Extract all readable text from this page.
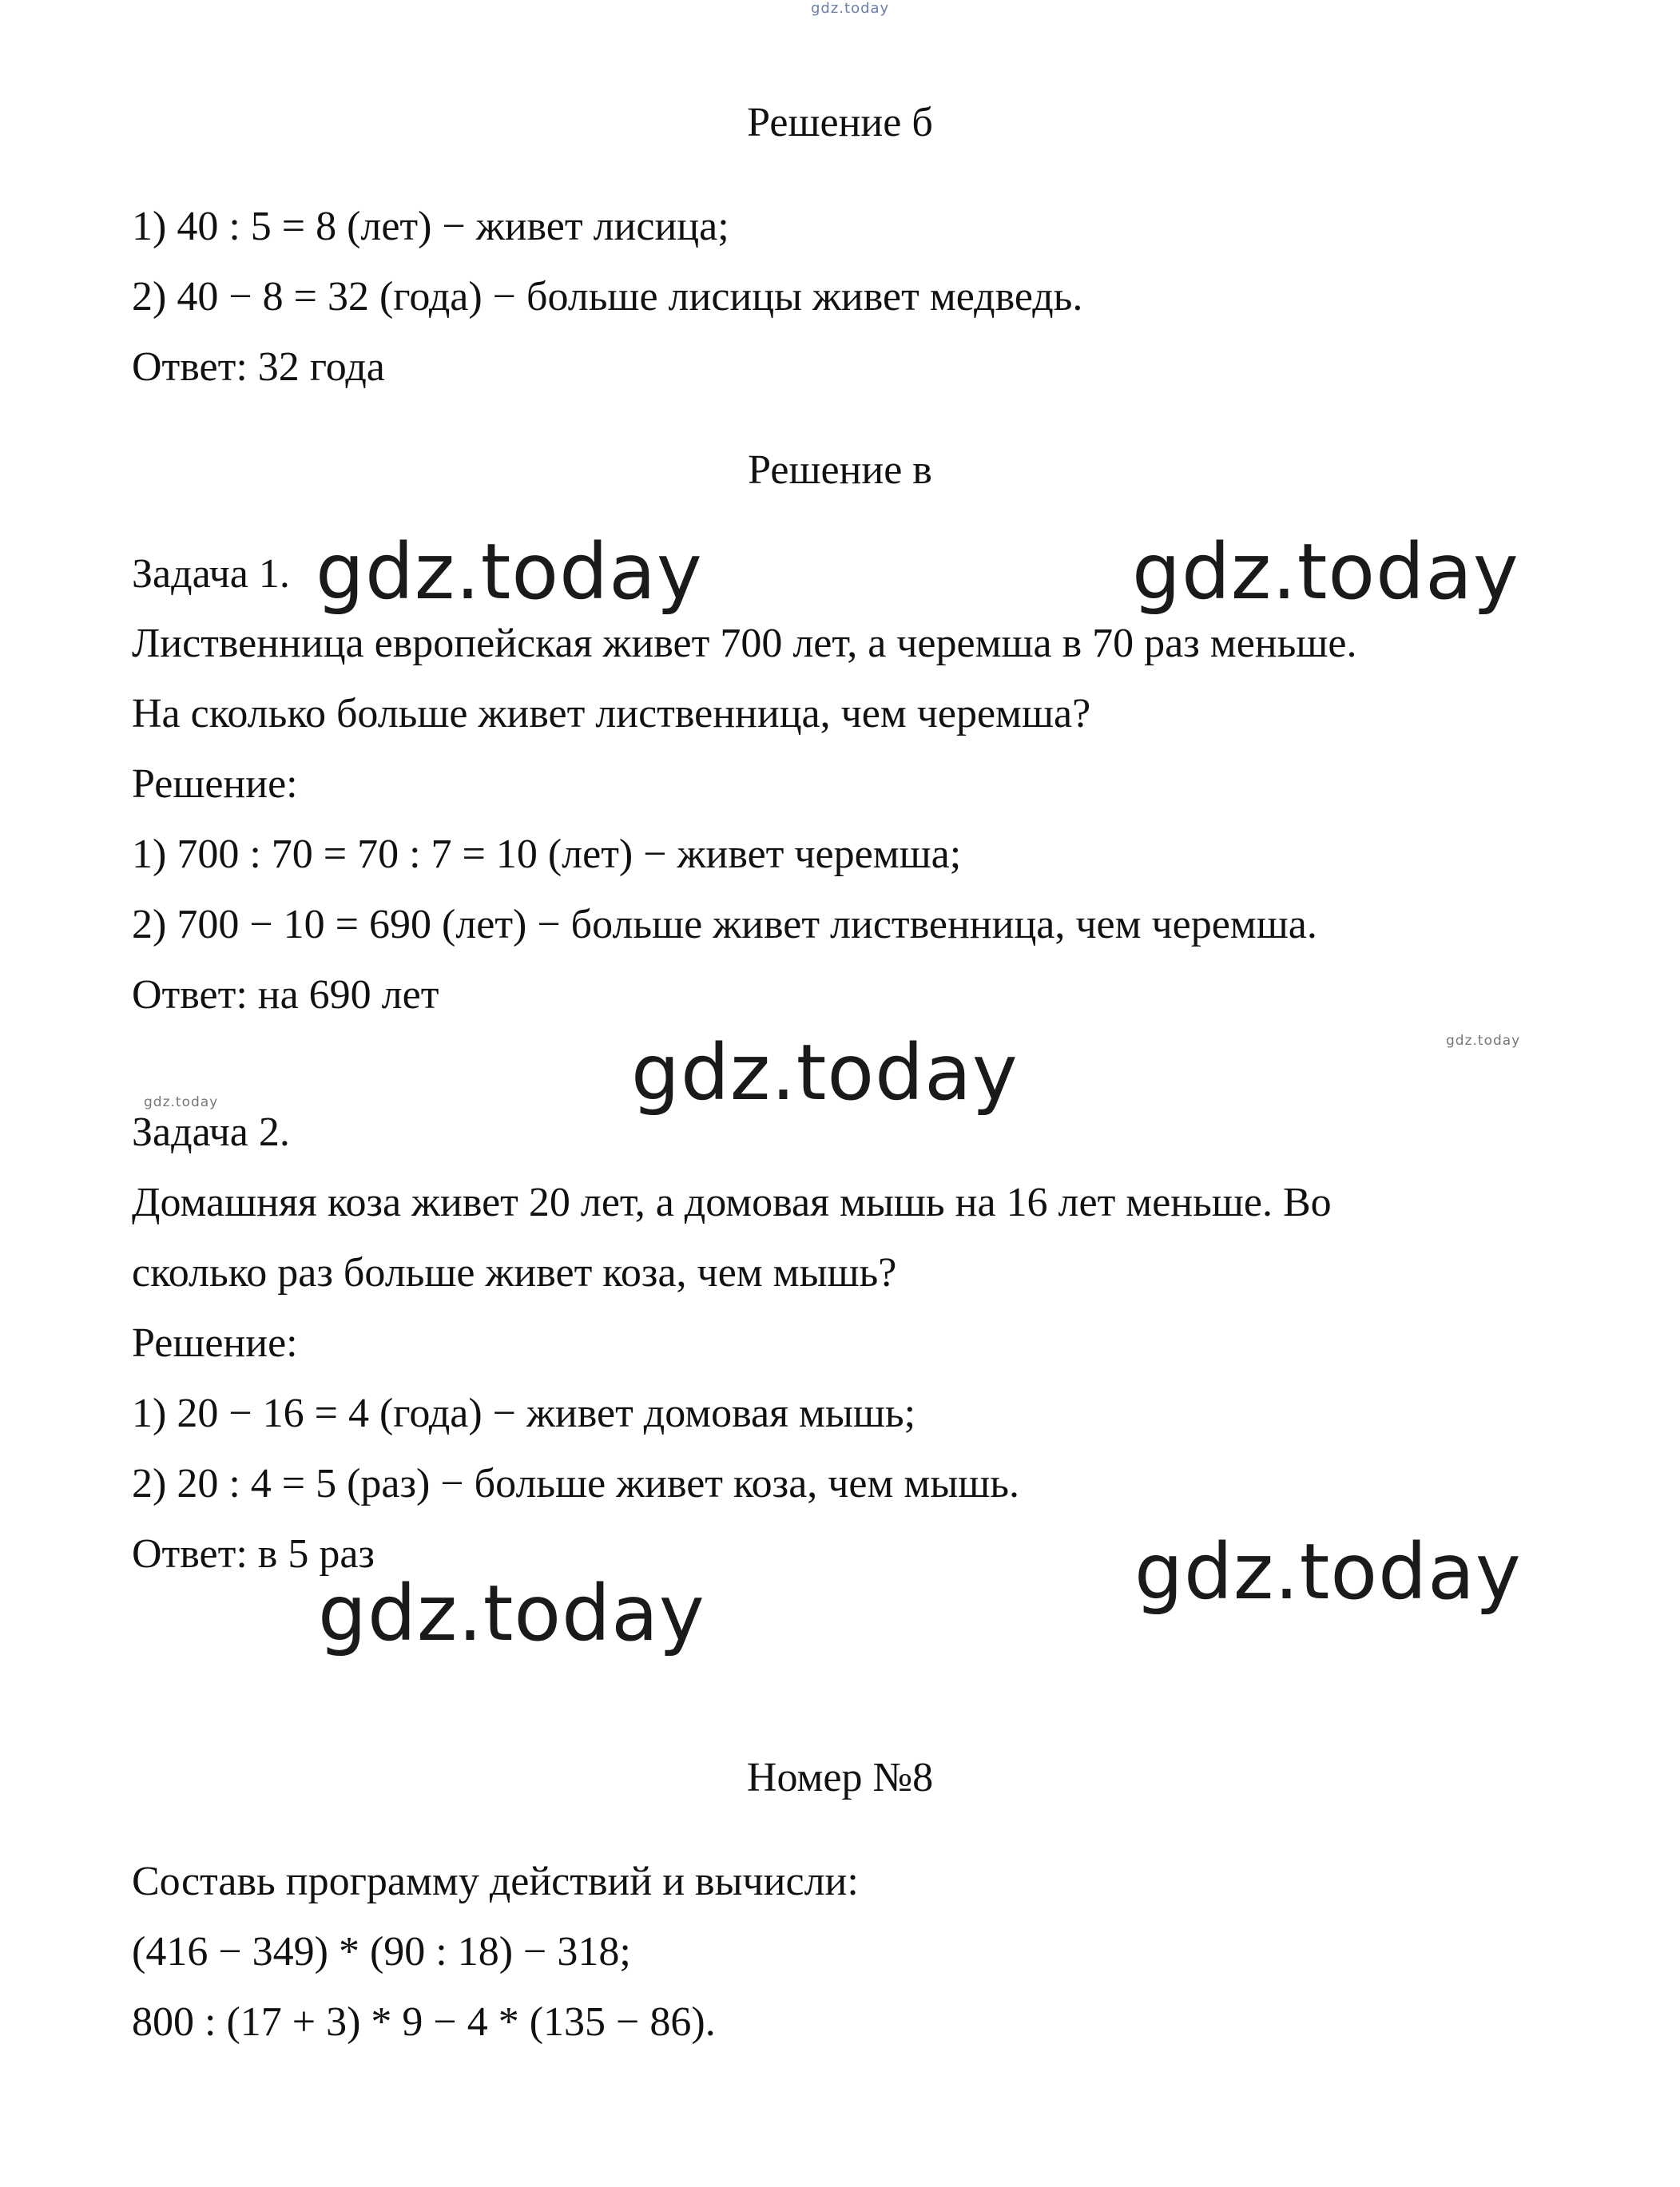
gdz.today
Решение б
1) 40 : 5 = 8 (лет) − живет лисица;
2) 40 − 8 = 32 (года) − больше лисицы живет медведь.
Ответ: 32 года
Решение в
Задача 1. gdz.today	gdz.today
Лиственница европейская живет 700 лет, а черемша в 70 раз меньше.
На сколько больше живет лиственница, чем черемша?
Решение:
1) 700 : 70 = 70 : 7 = 10 (лет) − живет черемша;
2) 700 − 10 = 690 (лет) − больше живет лиственница, чем черемша.
Ответ: на 690 лет
gdz.today
gdz.today
gdz.today
Задача 2.
Домашняя коза живет 20 лет, а домовая мышь на 16 лет меньше. Во
сколько раз больше живет коза, чем мышь?
Решение:
1) 20 − 16 = 4 (года) − живет домовая мышь;
2) 20 : 4 = 5 (раз) − больше живет коза, чем мышь.
Ответ: в 5 раз	gdz.today
gdz.today
Номер №8
Составь программу действий и вычисли:
(416 − 349) * (90 : 18) − 318;
800 : (17 + 3) * 9 − 4 * (135 − 86).
